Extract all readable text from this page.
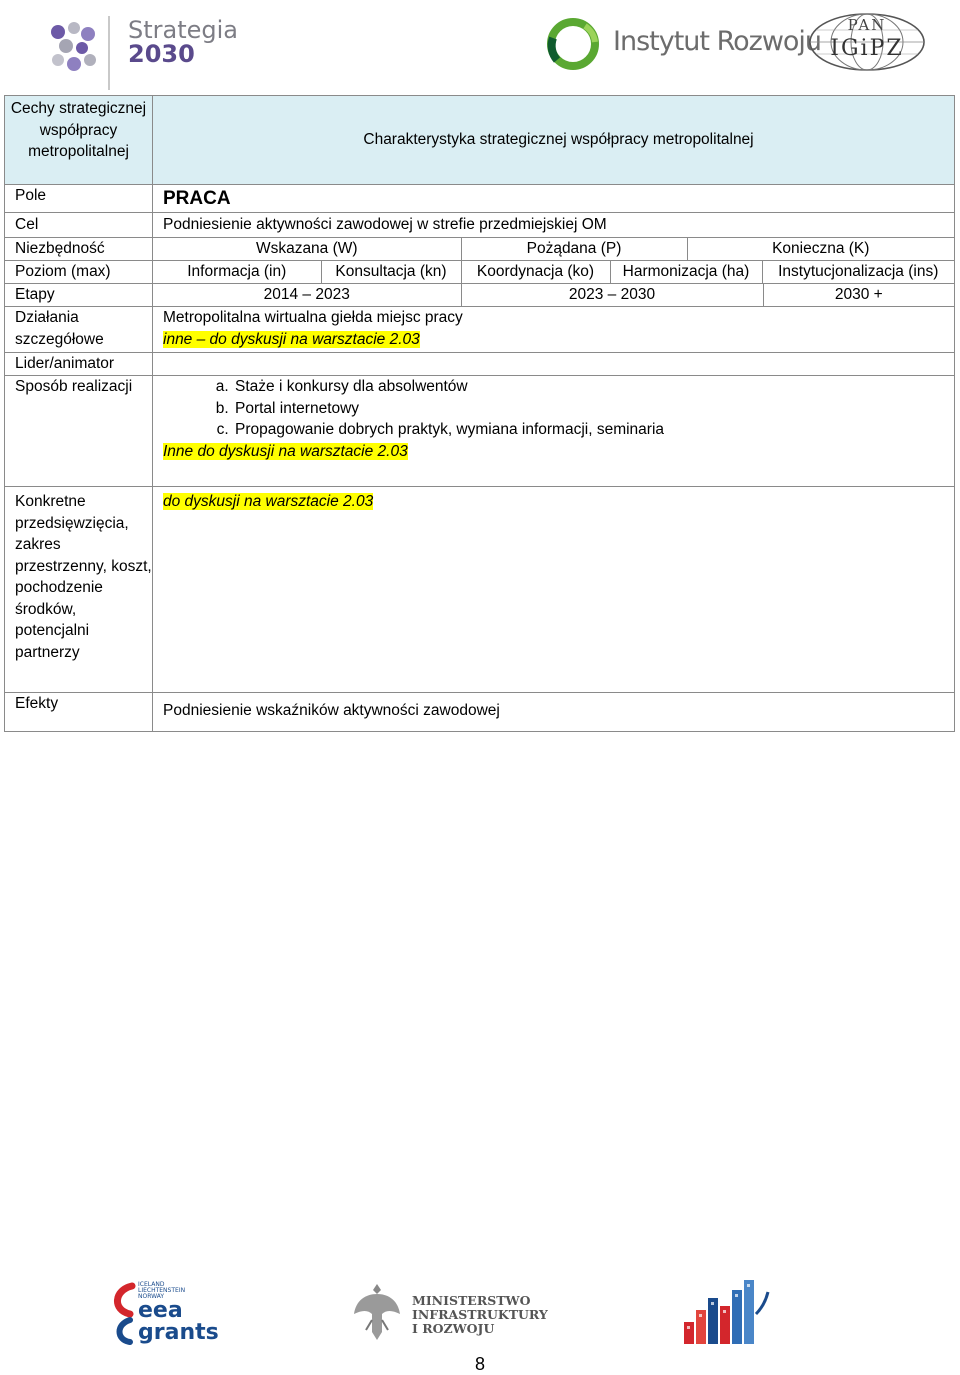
Strategia
2030	Instytut Rozwoju
PAN
IGiPZ
Cechy strategicznej współpracy metropolitalnej	Charakterystyka strategicznej współpracy metropolitalnej
Pole	PRACA
Cel	Podniesienie aktywności zawodowej w strefie przedmiejskiej OM
Niezbędność		Wskazana (W)	Pożądana (P)	Konieczna (K)

Poziom (max)		Informacja (in)	Konsultacja (kn)	Koordynacja (ko)	Harmonizacja (ha)	Instytucjonalizacja (ins)

Etapy		2014 – 2023	2023 – 2030	2030 +

Działania szczegółowe	Metropolitalna wirtualna giełda miejsc pracy
inne – do dyskusji na warsztacie 2.03
Lider/animator	
Sposób realizacji	
a.Staże i konkursy dla absolwentów
b. Portal internetowy
c. Propagowanie dobrych praktyk, wymiana informacji, seminaria
Inne do dyskusji na warsztacie 2.03

Konkretne przedsięwzięcia, zakres przestrzenny, koszt, pochodzenie środków, potencjalni partnerzy

do dyskusji na warsztacie 2.03

Efekty	Podniesienie wskaźników aktywności zawodowej
ICELAND
LIECHTENSTEIN
NORWAY
eea
grants
MINISTERSTWO
INFRASTRUKTURY
I ROZWOJU
8
